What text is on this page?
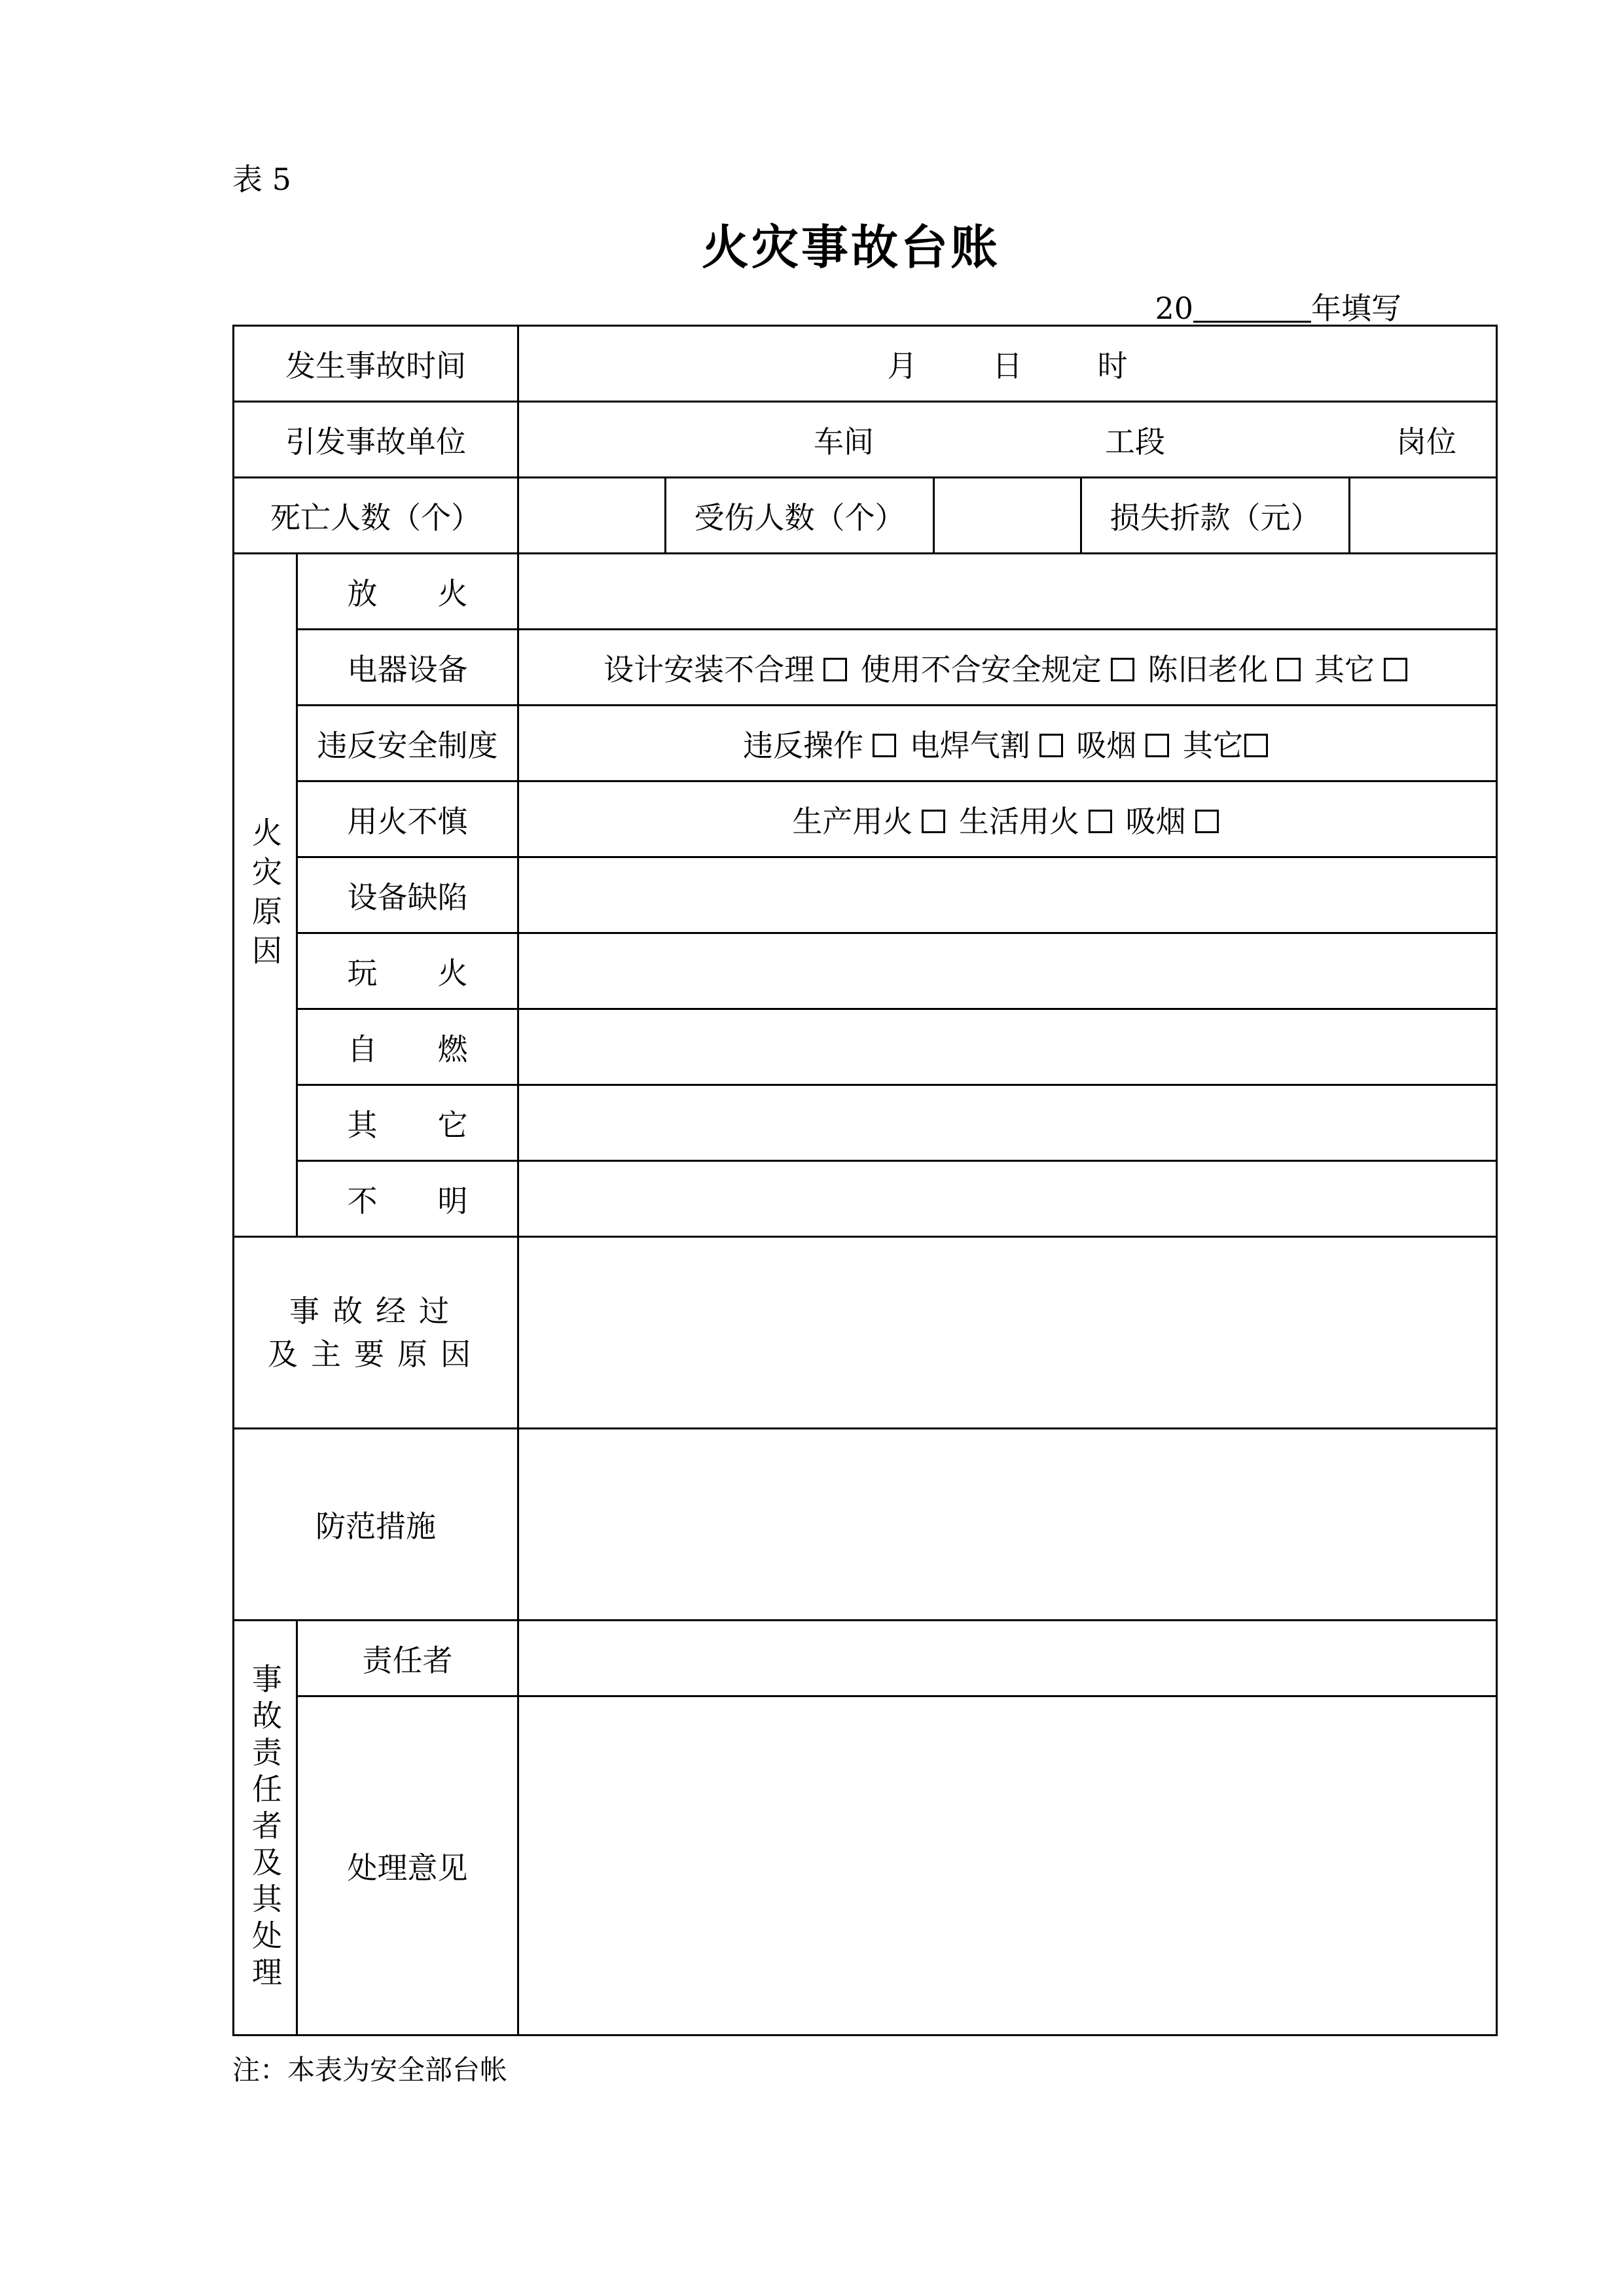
表 5
火灾事故台账
20	年填写
发生事故时间		月 日 时				
引发事故单位		车间 工段 岗位				

死亡人数（个）			受伤人数（个）		损失折款（元）	

火灾原因	放　　火					
	电器设备	设计安装不合理 使用不合安全规定 陈旧老化 其它				
	违反安全制度	违反操作 电焊气割 吸烟 其它				
	用火不慎	生产用火 生活用火 吸烟				
	设备缺陷					
	玩　　火					
	自　　燃					
	其　　它					
	不　　明					

事故经过
及主要原因						

防范措施						

事故责任者及其处理	责任者					
	处理意见					
注：本表为安全部台帐
